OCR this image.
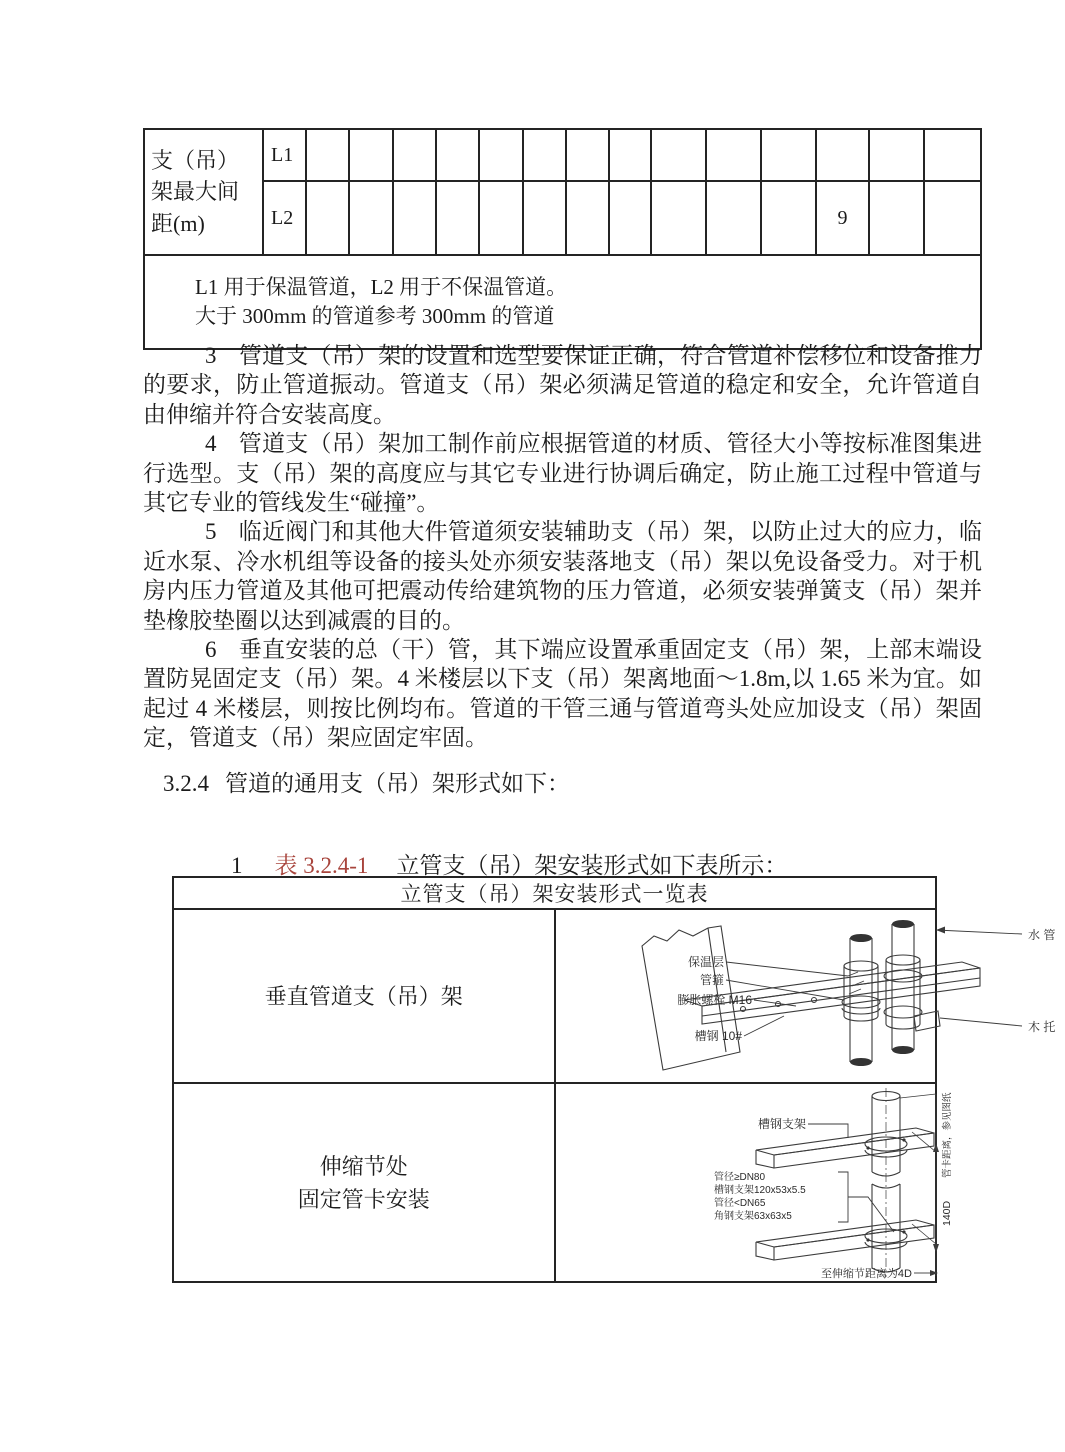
支（吊）架最大间距(m)	L1														
	L2												9		

L1 用于保温管道，L2 用于不保温管道。
大于 300mm 的管道参考 300mm 的管道															

3 管道支（吊）架的设置和选型要保证正确，符合管道补偿移位和设备推力的要求，防止管道振动。管道支（吊）架必须满足管道的稳定和安全，允许管道自由伸缩并符合安装高度。

4 管道支（吊）架加工制作前应根据管道的材质、管径大小等按标准图集进行选型。支（吊）架的高度应与其它专业进行协调后确定，防止施工过程中管道与其它专业的管线发生“碰撞”。

5 临近阀门和其他大件管道须安装辅助支（吊）架，以防止过大的应力，临近水泵、冷水机组等设备的接头处亦须安装落地支（吊）架以免设备受力。对于机房内压力管道及其他可把震动传给建筑物的压力管道，必须安装弹簧支（吊）架并垫橡胶垫圈以达到减震的目的。

6 垂直安装的总（干）管，其下端应设置承重固定支（吊）架，上部末端设置防晃固定支（吊）架。4 米楼层以下支（吊）架离地面～1.8m,以 1.65 米为宜。如起过 4 米楼层，则按比例均布。管道的干管三通与管道弯头处应加设支（吊）架固定，管道支（吊）架应固定牢固。

3.2.4 管道的通用支（吊）架形式如下：
1 表 3.2.4-1 立管支（吊）架安装形式如下表所示：
立管支（吊）架安装形式一览表	
垂直管道支（吊）架	
保温层
管箍
膨胀螺栓 M16
槽钢 10#
水 管
木 托

伸缩节处
固定管卡安装

槽钢支架
管径≥DN80
槽钢支架120x53x5.5
管径<DN65
角钢支架63x63x5
管卡距离，参见图纸
140D
至伸缩节距离为4D
